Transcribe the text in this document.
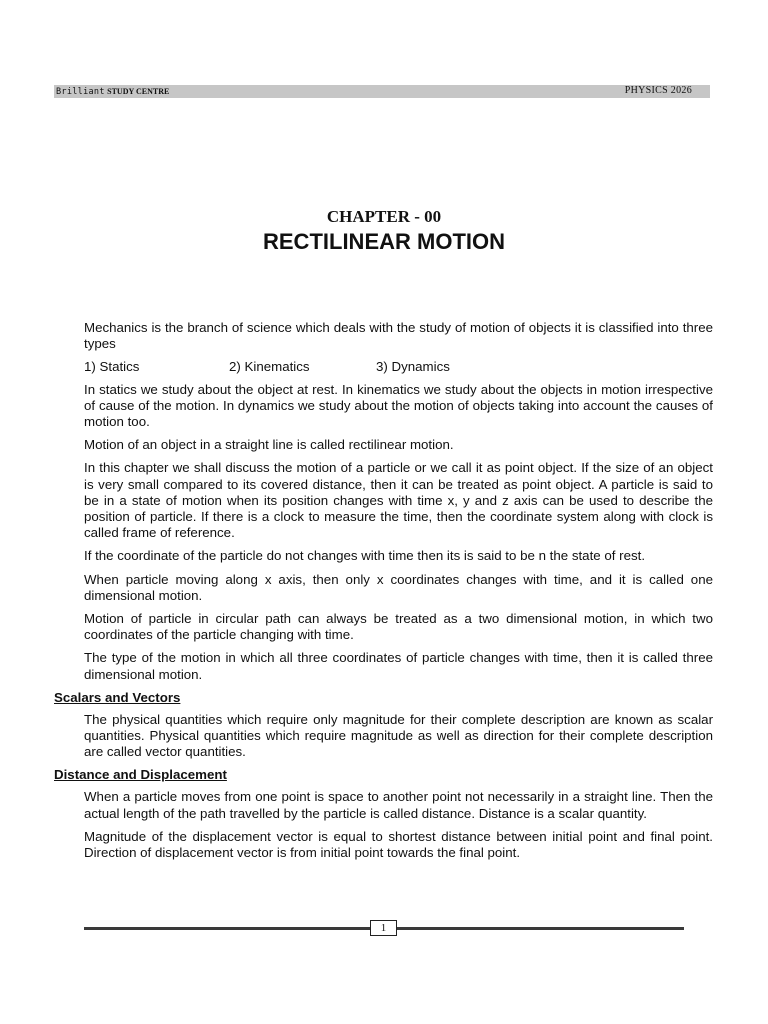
Brilliant STUDY CENTRE	PHYSICS 2026
CHAPTER - 00
RECTILINEAR MOTION

Mechanics is the branch of science which deals with the study of motion of objects it is classified into three types

1) Statics	2) Kinematics	3) Dynamics

In statics we study about the object at rest. In kinematics we study about the objects in motion irrespective of cause of the motion. In dynamics we study about the motion of objects taking into account the causes of motion too.

Motion of an object in a straight line is called rectilinear motion.

In this chapter we shall discuss the motion of a particle or we call it as point object. If the size of an object is very small compared to its covered distance, then it can be treated as point object. A particle is said to be in a state of motion when its position changes with time x, y and z axis can be used to describe the position of particle. If there is a clock to measure the time, then the coordinate system along with clock is called frame of reference.

If the coordinate of the particle do not changes with time then its is said to be n the state of rest.

When particle moving along x axis, then only x coordinates changes with time, and it is called one dimensional motion.

Motion of particle in circular path can always be treated as a two dimensional motion, in which two coordinates of the particle changing with time.

The type of the motion in which all three coordinates of particle changes with time, then it is called three dimensional motion.

Scalars and Vectors

The physical quantities which require only magnitude for their complete description are known as scalar quantities. Physical quantities which require magnitude as well as direction for their complete description are called vector quantities.

Distance and Displacement

When a particle moves from one point is space to another point not necessarily in a straight line. Then the actual length of the path travelled by the particle is called distance. Distance is a scalar quantity.

Magnitude of the displacement vector is equal to shortest distance between initial point and final point. Direction of displacement vector is from initial point towards the final point.

1
